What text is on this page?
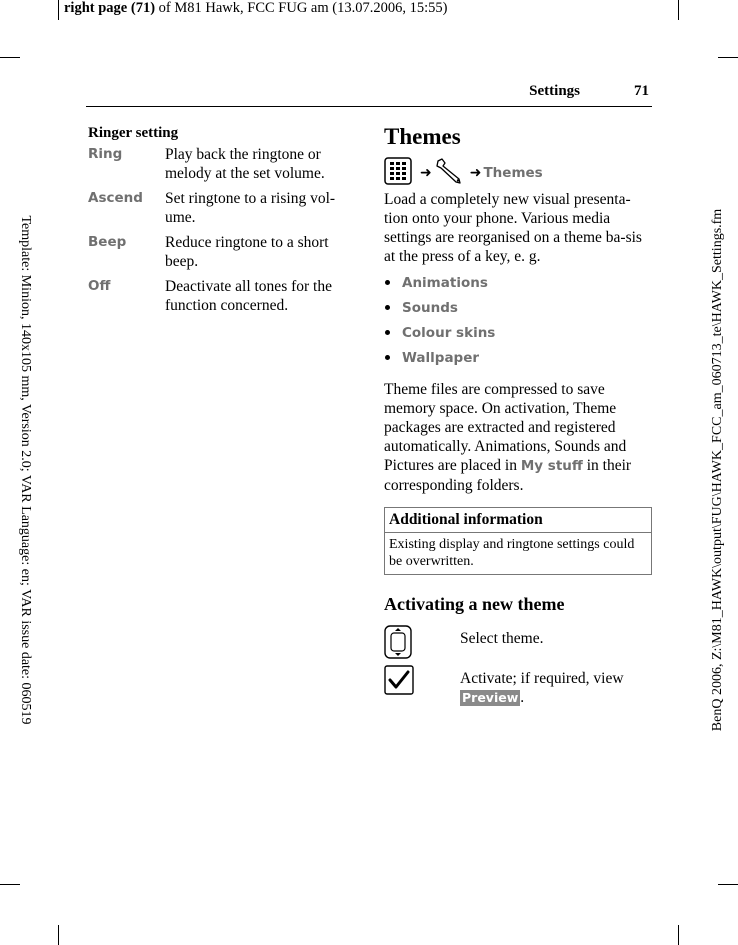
right page (71) of M81 Hawk, FCC FUG am (13.07.2006, 15:55)
Template: Minion, 140x105 mm, Version 2.0; VAR Language: en; VAR issue date: 060519	BenQ 2006, Z:\M81_HAWK\output\FUG\HAWK_FCC_am_060713_te\HAWK_Settings.fm
Settings	71
Ringer setting
Ring	Play back the ringtone or melody at the set volume.
Ascend Set ringtone to a rising vol-ume.
Beep Reduce ringtone to a short beep.
Off	Deactivate all tones for the function concerned.
Themes
➜	➜ Themes

Load a completely new visual presenta-tion onto your phone. Various media settings are reorganised on a theme ba-sis at the press of a key, e. g.

Animations
Sounds
Colour skins
Wallpaper

Theme files are compressed to save memory space. On activation, Theme packages are extracted and registered automatically. Animations, Sounds and Pictures are placed in My stuff in their corresponding folders.

Additional information
Existing display and ringtone settings could be overwritten.
Activating a new theme
Select theme.
Activate; if required, view Preview .
